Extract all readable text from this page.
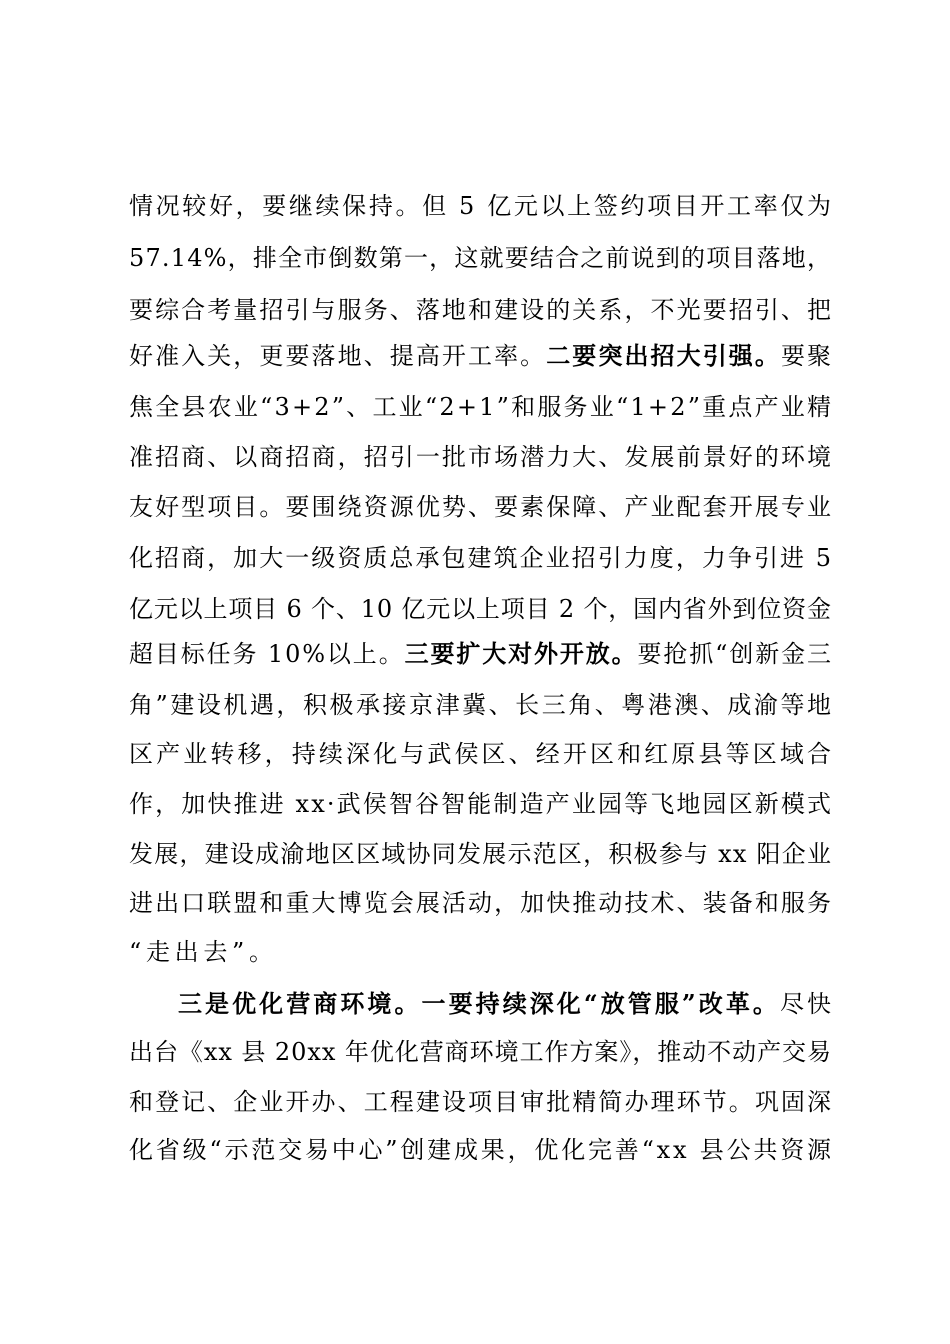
情况较好，要继续保持。但 5 亿元以上签约项目开工率仅为
57.14%，排全市倒数第一，这就要结合之前说到的项目落地，
要综合考量招引与服务、落地和建设的关系，不光要招引、把
好准入关，更要落地、提高开工率。二要突出招大引强。要聚
焦全县农业“3+2”、工业“2+1”和服务业“1+2”重点产业精
准招商、以商招商，招引一批市场潜力大、发展前景好的环境
友好型项目。要围绕资源优势、要素保障、产业配套开展专业
化招商，加大一级资质总承包建筑企业招引力度，力争引进 5
亿元以上项目 6 个、10 亿元以上项目 2 个，国内省外到位资金
超目标任务 10%以上。三要扩大对外开放。要抢抓“创新金三
角”建设机遇，积极承接京津冀、长三角、粤港澳、成渝等地
区产业转移，持续深化与武侯区、经开区和红原县等区域合
作，加快推进 xx·武侯智谷智能制造产业园等飞地园区新模式
发展，建设成渝地区区域协同发展示范区，积极参与 xx 阳企业
进出口联盟和重大博览会展活动，加快推动技术、装备和服务
“走出去”。
三是优化营商环境。一要持续深化“放管服”改革。尽快
出台《xx 县 20xx 年优化营商环境工作方案》，推动不动产交易
和登记、企业开办、工程建设项目审批精简办理环节。巩固深
化省级“示范交易中心”创建成果，优化完善“xx 县公共资源
